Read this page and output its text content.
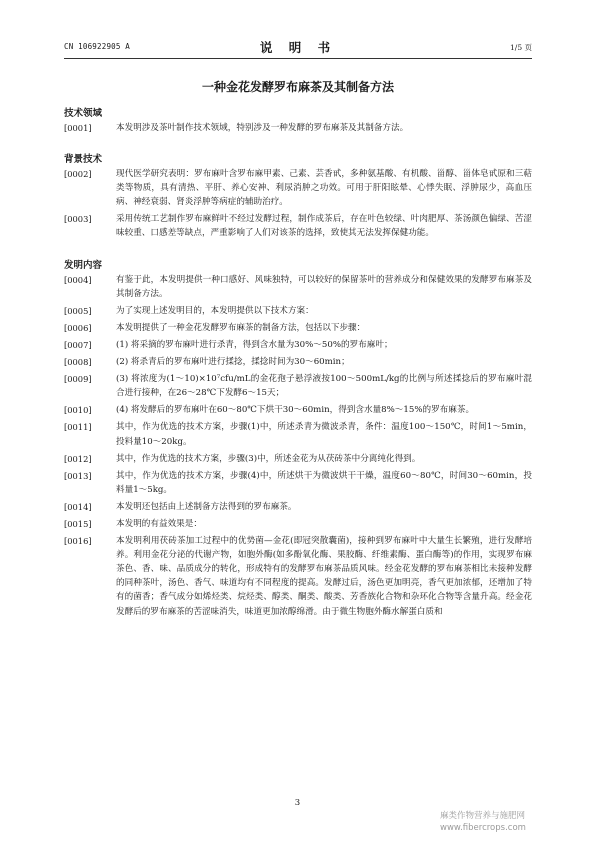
CN 106922905 A	说 明 书	1/5 页
一种金花发酵罗布麻茶及其制备方法
技术领域
[0001]	本发明涉及茶叶制作技术领域，特别涉及一种发酵的罗布麻茶及其制备方法。
背景技术
[0002]	现代医学研究表明：罗布麻叶含罗布麻甲素、己素、芸香甙，多种氨基酸、有机酸、甾醇、甾体皂甙原和三萜类等物质，具有清热、平肝、养心安神、利尿消肿之功效。可用于肝阳眩晕、心悸失眠、浮肿尿少，高血压病、神经衰弱、肾炎浮肿等病症的辅助治疗。
[0003]	采用传统工艺制作罗布麻鲜叶不经过发酵过程，制作成茶后，存在叶色较绿、叶肉肥厚、茶汤颜色偏绿、苦涩味较重、口感差等缺点，严重影响了人们对该茶的选择，致使其无法发挥保健功能。
发明内容
[0004]	有鉴于此，本发明提供一种口感好、风味独特，可以较好的保留茶叶的营养成分和保健效果的发酵罗布麻茶及其制备方法。
[0005]	为了实现上述发明目的，本发明提供以下技术方案：
[0006]	本发明提供了一种金花发酵罗布麻茶的制备方法，包括以下步骤：
[0007]	(1) 将采摘的罗布麻叶进行杀青，得到含水量为30%～50%的罗布麻叶；
[0008]	(2) 将杀青后的罗布麻叶进行揉捻，揉捻时间为30～60min；
[0009]	(3) 将浓度为(1～10)×10⁷cfu/mL的金花孢子悬浮液按100～500mL/kg的比例与所述揉捻后的罗布麻叶混合进行接种，在26～28℃下发酵6～15天；
[0010]	(4) 将发酵后的罗布麻叶在60～80℃下烘干30～60min，得到含水量8%～15%的罗布麻茶。
[0011]	其中，作为优选的技术方案，步骤(1)中，所述杀青为微波杀青，条件：温度100～150℃，时间1～5min，投料量10～20kg。
[0012]	其中，作为优选的技术方案，步骤(3)中，所述金花为从茯砖茶中分离纯化得到。
[0013]	其中，作为优选的技术方案，步骤(4)中，所述烘干为微波烘干干燥，温度60～80℃，时间30～60min，投料量1～5kg。
[0014]	本发明还包括由上述制备方法得到的罗布麻茶。
[0015]	本发明的有益效果是：
[0016]	本发明利用茯砖茶加工过程中的优势菌—金花(即冠突散囊菌)，接种到罗布麻叶中大量生长繁殖，进行发酵培养。利用金花分泌的代谢产物，如胞外酶(如多酚氧化酶、果胶酶、纤维素酶、蛋白酶等)的作用，实现罗布麻茶色、香、味、品质成分的转化，形成特有的发酵罗布麻茶品质风味。经金花发酵的罗布麻茶相比未接种发酵的同种茶叶，汤色、香气、味道均有不同程度的提高。发酵过后，汤色更加明亮，香气更加浓郁，还增加了特有的菌香；香气成分如烯烃类、烷烃类、醇类、酮类、酸类、芳香族化合物和杂环化合物等含量升高。经金花发酵后的罗布麻茶的苦涩味消失，味道更加浓醇绵滑。由于微生物胞外酶水解蛋白质和
3
麻类作物营养与施肥网
www.fibercrops.com
